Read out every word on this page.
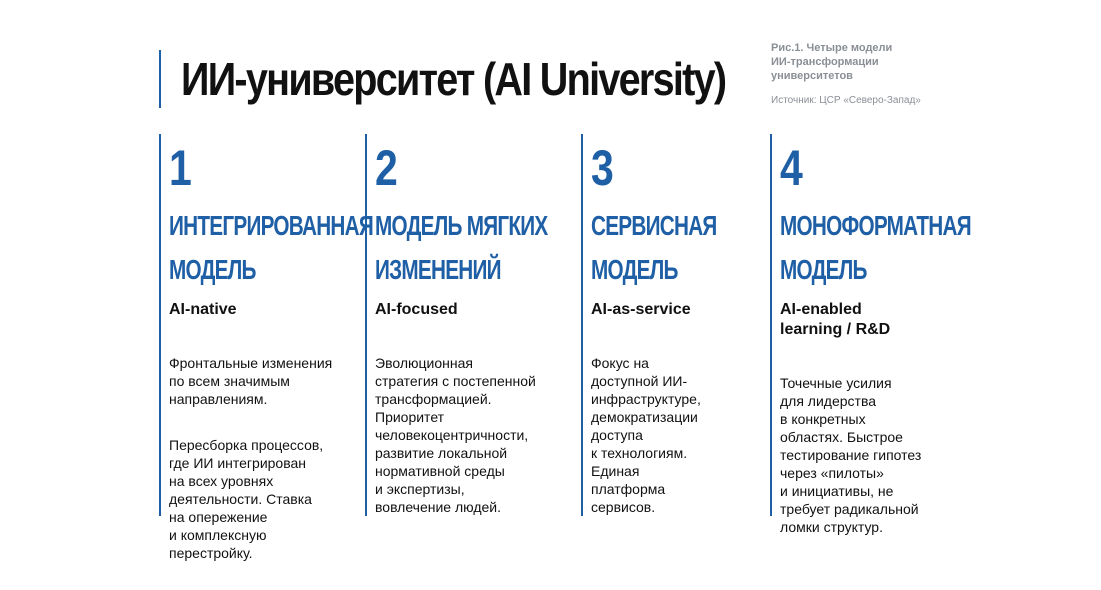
ИИ-университет (AI University)
Рис.1. Четыре модели
ИИ-трансформации
университетов
Источник: ЦСР «Северо-Запад»
1
ИНТЕГРИРОВАННАЯ
МОДЕЛЬ
AI-native

Фронтальные изменения
по всем значимым
направлениям.

Пересборка процессов,
где ИИ интегрирован
на всех уровнях
деятельности. Ставка
на опережение
и комплексную
перестройку.

2
МОДЕЛЬ МЯГКИХ
ИЗМЕНЕНИЙ
AI-focused

Эволюционная
стратегия с постепенной
трансформацией.
Приоритет
человекоцентричности,
развитие локальной
нормативной среды
и экспертизы,
вовлечение людей.

3
СЕРВИСНАЯ
МОДЕЛЬ
AI-as-service

Фокус на
доступной ИИ-
инфраструктуре,
демократизации
доступа
к технологиям.
Единая
платформа
сервисов.

4
МОНОФОРМАТНАЯ
МОДЕЛЬ
AI-enabled
learning / R&D

Точечные усилия
для лидерства
в конкретных
областях. Быстрое
тестирование гипотез
через «пилоты»
и инициативы, не
требует радикальной
ломки структур.
